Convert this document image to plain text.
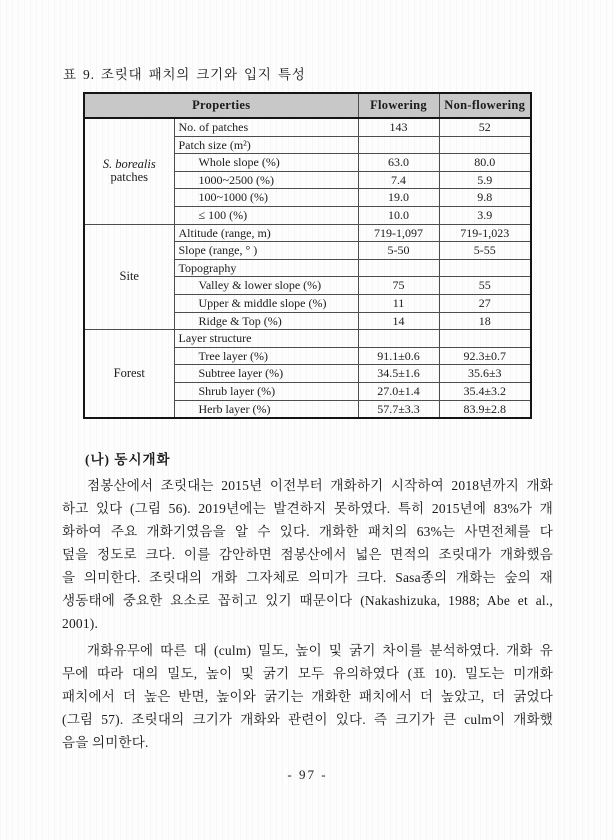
표 9. 조릿대 패치의 크기와 입지 특성
Properties		Flowering	Non-flowering

S. borealis
patches	No. of patches	143	52
	Patch size (m²)		
	Whole slope (%)	63.0	80.0
	1000~2500 (%)	7.4	5.9
	100~1000 (%)	19.0	9.8
	≤ 100 (%)	10.0	3.9

Site	Altitude (range, m)	719-1,097	719-1,023
	Slope (range, ° )	5-50	5-55
	Topography		
	Valley & lower slope (%)	75	55
	Upper & middle slope (%)	11	27
	Ridge & Top (%)	14	18

Forest	Layer structure		
	Tree layer (%)	91.1±0.6	92.3±0.7
	Subtree layer (%)	34.5±1.6	35.6±3
	Shrub layer (%)	27.0±1.4	35.4±3.2
	Herb layer (%)	57.7±3.3	83.9±2.8
(나) 동시개화
점봉산에서 조릿대는 2015년 이전부터 개화하기 시작하여 2018년까지 개화
하고 있다 (그림 56). 2019년에는 발견하지 못하였다. 특히 2015년에 83%가 개
화하여 주요 개화기였음을 알 수 있다. 개화한 패치의 63%는 사면전체를 다
덮을 정도로 크다. 이를 감안하면 점봉산에서 넓은 면적의 조릿대가 개화했음
을 의미한다. 조릿대의 개화 그자체로 의미가 크다. Sasa종의 개화는 숲의 재
생동태에 중요한 요소로 꼽히고 있기 때문이다 (Nakashizuka, 1988; Abe et al.,
2001).
개화유무에 따른 대 (culm) 밀도, 높이 및 굵기 차이를 분석하였다. 개화 유
무에 따라 대의 밀도, 높이 및 굵기 모두 유의하였다 (표 10). 밀도는 미개화
패치에서 더 높은 반면, 높이와 굵기는 개화한 패치에서 더 높았고, 더 굵었다
(그림 57). 조릿대의 크기가 개화와 관련이 있다. 즉 크기가 큰 culm이 개화했
음을 의미한다.
- 97 -
